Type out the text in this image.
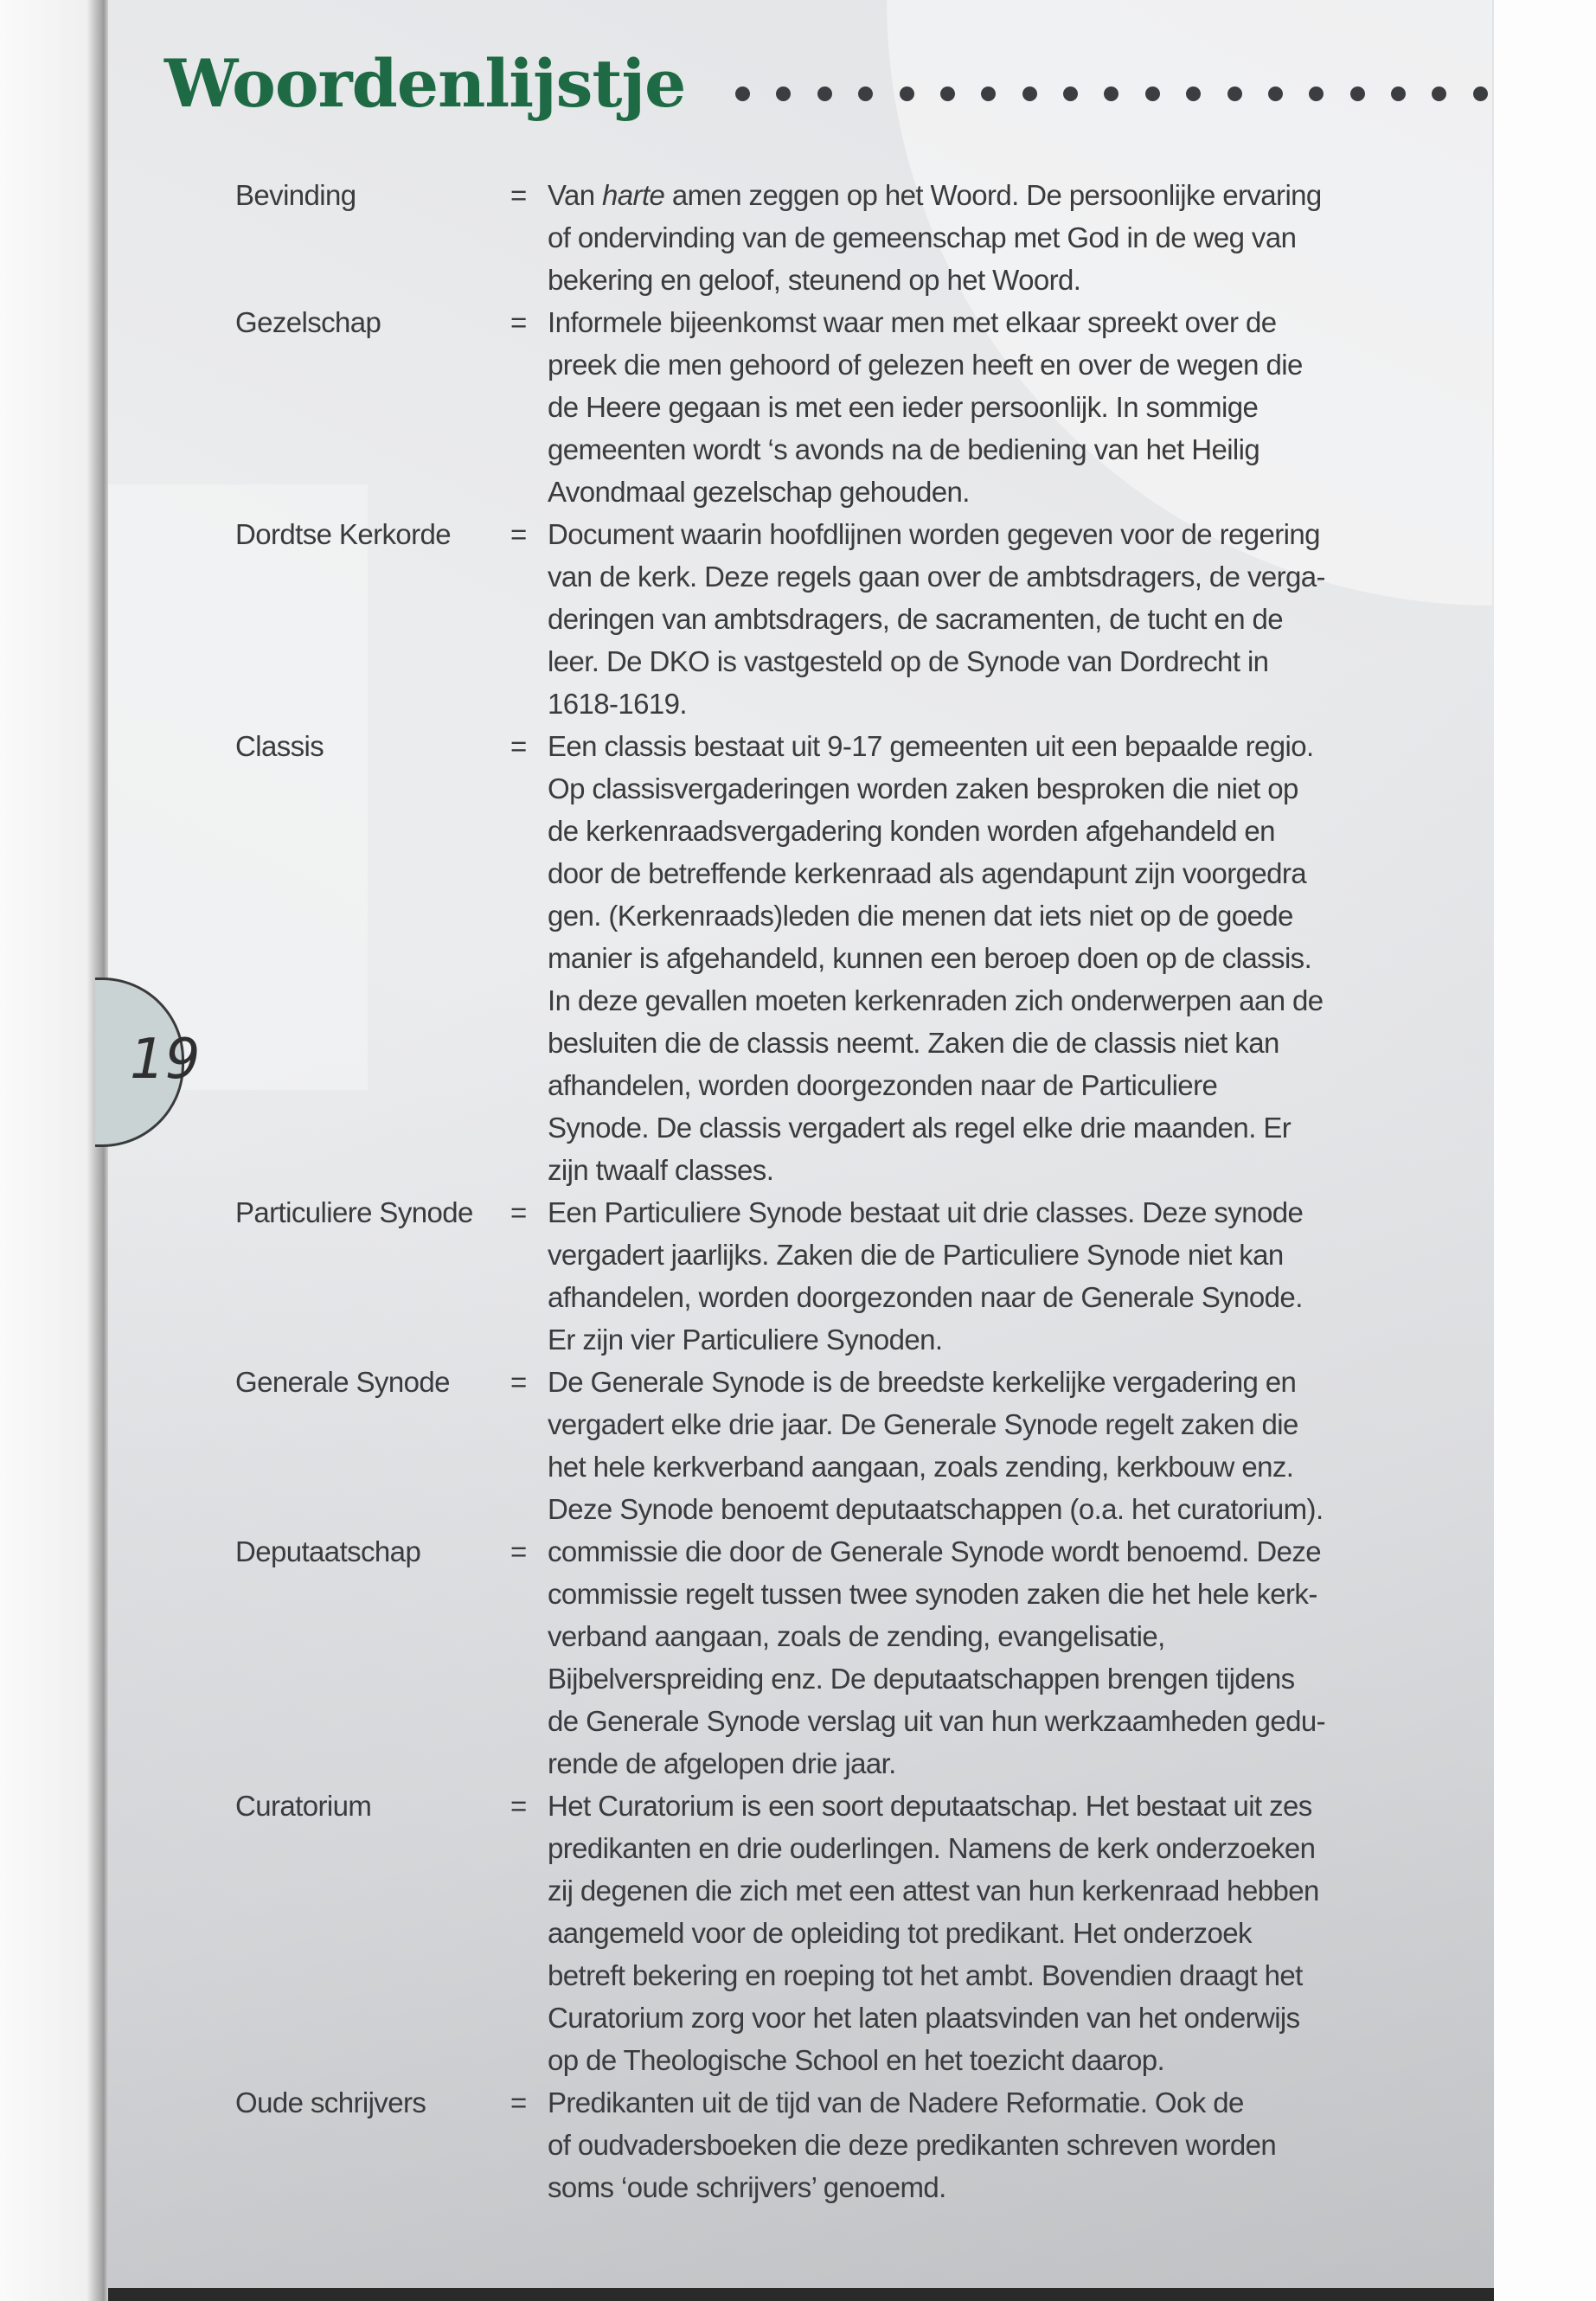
19
Woordenlijstje
Bevinding	= Van harte amen zeggen op het Woord. De persoonlijke ervaring
of ondervinding van de gemeenschap met God in de weg van
bekering en geloof, steunend op het Woord.
Gezelschap	= Informele bijeenkomst waar men met elkaar spreekt over de
preek die men gehoord of gelezen heeft en over de wegen die
de Heere gegaan is met een ieder persoonlijk. In sommige
gemeenten wordt ‘s avonds na de bediening van het Heilig
Avondmaal gezelschap gehouden.
Dordtse Kerkorde = Document waarin hoofdlijnen worden gegeven voor de regering
van de kerk. Deze regels gaan over de ambtsdragers, de verga-
deringen van ambtsdragers, de sacramenten, de tucht en de
leer. De DKO is vastgesteld op de Synode van Dordrecht in
1618-1619.
Classis	= Een classis bestaat uit 9-17 gemeenten uit een bepaalde regio.
Op classisvergaderingen worden zaken besproken die niet op
de kerkenraadsvergadering konden worden afgehandeld en
door de betreffende kerkenraad als agendapunt zijn voorgedra
gen. (Kerkenraads)leden die menen dat iets niet op de goede
manier is afgehandeld, kunnen een beroep doen op de classis.
In deze gevallen moeten kerkenraden zich onderwerpen aan de
besluiten die de classis neemt. Zaken die de classis niet kan
afhandelen, worden doorgezonden naar de Particuliere
Synode. De classis vergadert als regel elke drie maanden. Er
zijn twaalf classes.
Particuliere Synode = Een Particuliere Synode bestaat uit drie classes. Deze synode
vergadert jaarlijks. Zaken die de Particuliere Synode niet kan
afhandelen, worden doorgezonden naar de Generale Synode.
Er zijn vier Particuliere Synoden.
Generale Synode = De Generale Synode is de breedste kerkelijke vergadering en
vergadert elke drie jaar. De Generale Synode regelt zaken die
het hele kerkverband aangaan, zoals zending, kerkbouw enz.
Deze Synode benoemt deputaatschappen (o.a. het curatorium).
Deputaatschap	= commissie die door de Generale Synode wordt benoemd. Deze
commissie regelt tussen twee synoden zaken die het hele kerk-
verband aangaan, zoals de zending, evangelisatie,
Bijbelverspreiding enz. De deputaatschappen brengen tijdens
de Generale Synode verslag uit van hun werkzaamheden gedu-
rende de afgelopen drie jaar.
Curatorium	= Het Curatorium is een soort deputaatschap. Het bestaat uit zes
predikanten en drie ouderlingen. Namens de kerk onderzoeken
zij degenen die zich met een attest van hun kerkenraad hebben
aangemeld voor de opleiding tot predikant. Het onderzoek
betreft bekering en roeping tot het ambt. Bovendien draagt het
Curatorium zorg voor het laten plaatsvinden van het onderwijs
op de Theologische School en het toezicht daarop.
Oude schrijvers	= Predikanten uit de tijd van de Nadere Reformatie. Ook de
of oudvadersboeken die deze predikanten schreven worden
soms ‘oude schrijvers’ genoemd.
